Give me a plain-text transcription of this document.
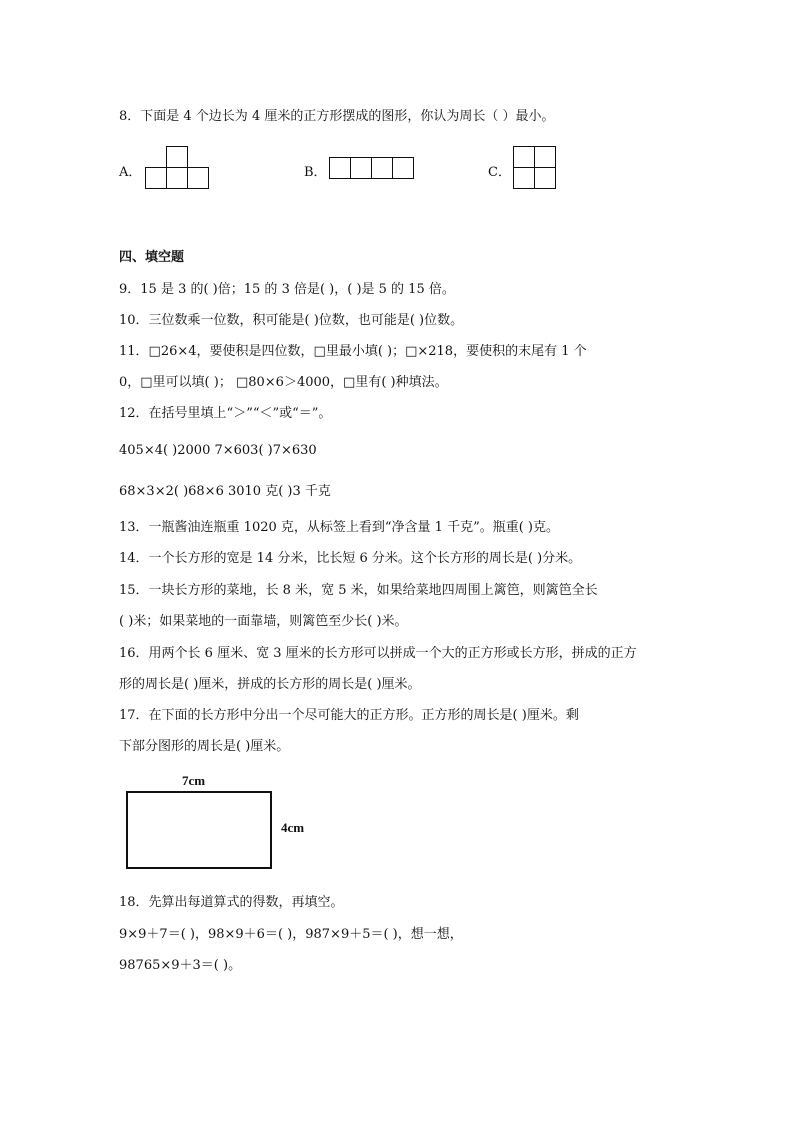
8．下面是 4 个边长为 4 厘米的正方形摆成的图形，你认为周长（ ）最小。
A．	B．	C．
四、填空题
9．15 是 3 的( )倍；15 的 3 倍是( )，( )是 5 的 15 倍。
10．三位数乘一位数，积可能是( )位数，也可能是( )位数。
11．□26×4，要使积是四位数，□里最小填( )；□×218，要使积的末尾有 1 个
0，□里可以填( )； □80×6＞4000，□里有( )种填法。
12．在括号里填上“＞”“＜”或“＝”。
405×4( )2000 7×603( )7×630
68×3×2( )68×6 3010 克( )3 千克
13．一瓶酱油连瓶重 1020 克，从标签上看到“净含量 1 千克”。瓶重( )克。
14．一个长方形的宽是 14 分米，比长短 6 分米。这个长方形的周长是( )分米。
15．一块长方形的菜地，长 8 米，宽 5 米，如果给菜地四周围上篱笆，则篱笆全长
( )米；如果菜地的一面靠墙，则篱笆至少长( )米。
16．用两个长 6 厘米、宽 3 厘米的长方形可以拼成一个大的正方形或长方形，拼成的正方
形的周长是( )厘米，拼成的长方形的周长是( )厘米。
17．在下面的长方形中分出一个尽可能大的正方形。正方形的周长是( )厘米。剩
下部分图形的周长是( )厘米。
7cm
4cm
18．先算出每道算式的得数，再填空。
9×9＋7＝( )，98×9＋6＝( )，987×9＋5＝( )，想一想，
98765×9＋3＝( )。
